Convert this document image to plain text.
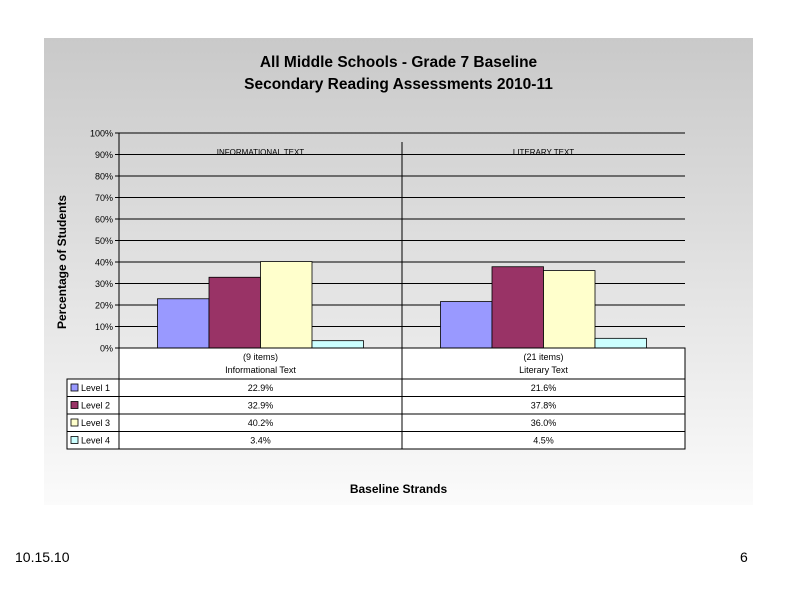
All Middle Schools - Grade 7 Baseline
Secondary Reading Assessments 2010-11
0%
10%
20%
30%
40%
50%
60%
70%
80%
90%
100%
INFORMATIONAL TEXT	LITERARY TEXT
(9 items)
Informational Text
(21 items)
Literary Text
Level 1	22.9%	21.6%
Level 2	32.9%	37.8%
Level 3	40.2%	36.0%
Level 4	3.4%	4.5%
Percentage of Students
Baseline Strands
10.15.10	6
